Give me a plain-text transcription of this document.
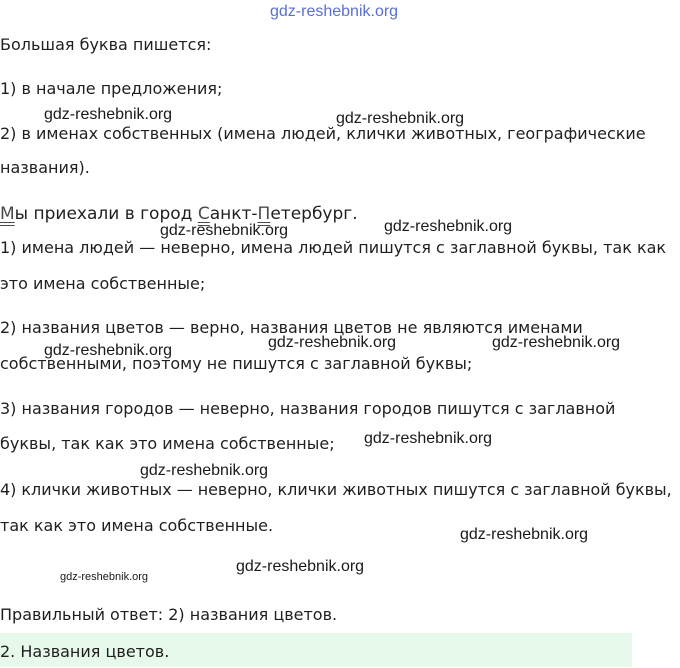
gdz-reshebnik.org
Большая буква пишется:
1) в начале предложения;
2) в именах собственных (имена людей, клички животных, географические
названия).
Мы приехали в город Санкт-Петербург.
1) имена людей — неверно, имена людей пишутся с заглавной буквы, так как
это имена собственные;
2) названия цветов — верно, названия цветов не являются именами
собственными, поэтому не пишутся с заглавной буквы;
3) названия городов — неверно, названия городов пишутся с заглавной
буквы, так как это имена собственные;
4) клички животных — неверно, клички животных пишутся с заглавной буквы,
так как это имена собственные.
Правильный ответ: 2) названия цветов.
2. Названия цветов.
gdz-reshebnik.org	gdz-reshebnik.org
gdz-reshebnik.org
gdz-reshebnik.org
gdz-reshebnik.org	gdz-reshebnik.org
gdz-reshebnik.org
gdz-reshebnik.org
gdz-reshebnik.org
gdz-reshebnik.org
gdz-reshebnik.org
gdz-reshebnik.org
